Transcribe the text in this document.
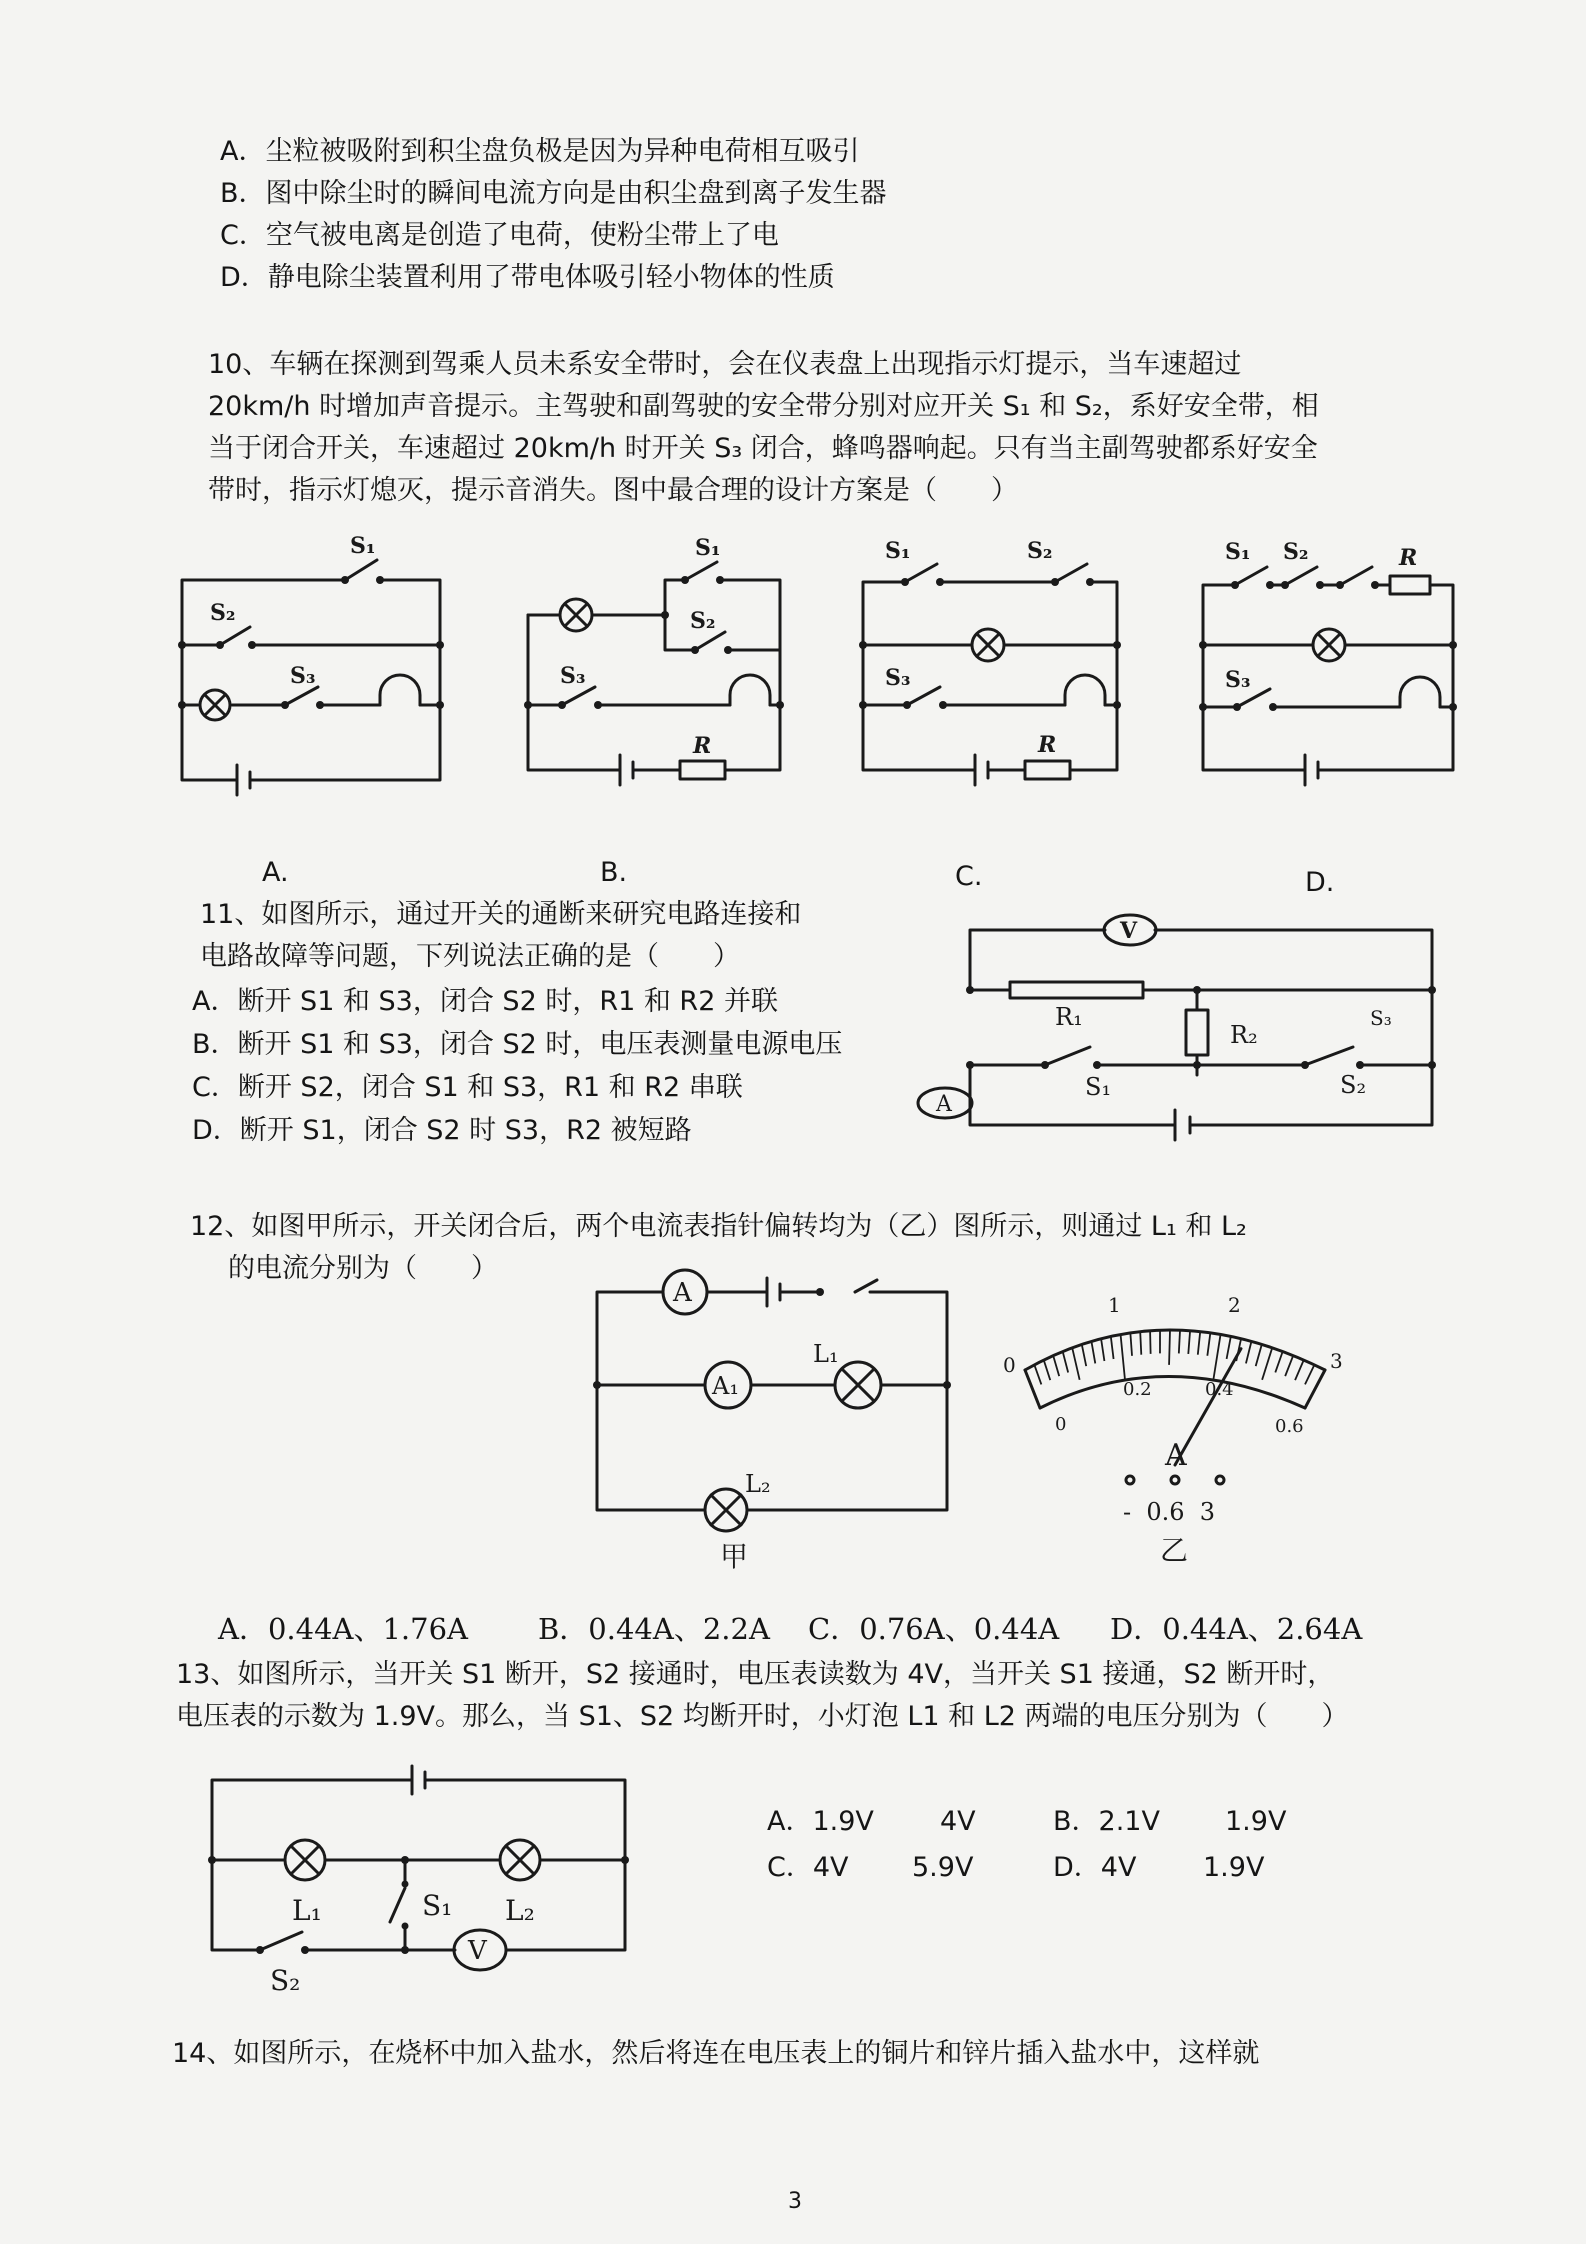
A．尘粒被吸附到积尘盘负极是因为异种电荷相互吸引
B．图中除尘时的瞬间电流方向是由积尘盘到离子发生器
C．空气被电离是创造了电荷，使粉尘带上了电
D．静电除尘装置利用了带电体吸引轻小物体的性质
10、车辆在探测到驾乘人员未系安全带时，会在仪表盘上出现指示灯提示，当车速超过
20km/h 时增加声音提示。主驾驶和副驾驶的安全带分别对应开关 S₁ 和 S₂，系好安全带，相
当于闭合开关，车速超过 20km/h 时开关 S₃ 闭合，蜂鸣器响起。只有当主副驾驶都系好安全
带时，指示灯熄灭，提示音消失。图中最合理的设计方案是（　　）
S₁
S₂
S₃
S₁
S₂
S₃
R
S₁	S₂
S₃
R
S₁ S₂	R
S₃
A.	B.	C.	D.
11、如图所示，通过开关的通断来研究电路连接和
电路故障等问题，下列说法正确的是（　　）
A．断开 S1 和 S3，闭合 S2 时，R1 和 R2 并联
B．断开 S1 和 S3，闭合 S2 时，电压表测量电源电压
C．断开 S2，闭合 S1 和 S3，R1 和 R2 串联
D．断开 S1，闭合 S2 时 S3，R2 被短路
V
A
R₁
R₂
S₁	S₂
S₃
12、如图甲所示，开关闭合后，两个电流表指针偏转均为（乙）图所示，则通过 L₁ 和 L₂
的电流分别为（　　）
A
A₁
L₁
L₂
甲
0
1	2
3
0
0.2	0.4
0.6
A
-  0.6  3
乙
A．0.44A、1.76A B．0.44A、2.2A C．0.76A、0.44A D．0.44A、2.64A
13、如图所示，当开关 S1 断开，S2 接通时，电压表读数为 4V，当开关 S1 接通，S2 断开时，
电压表的示数为 1.9V。那么，当 S1、S2 均断开时，小灯泡 L1 和 L2 两端的电压分别为（　　）
V
L₁	S₁ L₂
S₂
A．1.9V 4V	B．2.1V 1.9V
C．4V 5.9V	D．4V 1.9V
14、如图所示，在烧杯中加入盐水，然后将连在电压表上的铜片和锌片插入盐水中，这样就
3
